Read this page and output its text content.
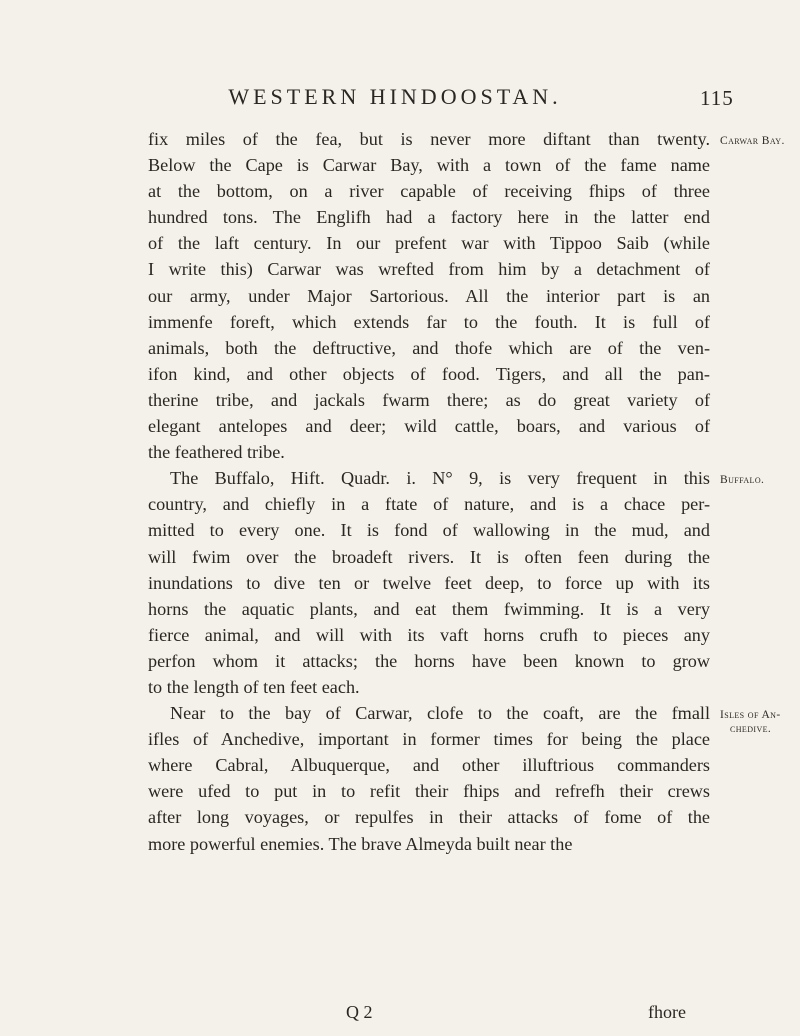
WESTERN HINDOOSTAN.	115
fix miles of the fea, but is never more diftant than twenty.
Below the Cape is Carwar Bay, with a town of the fame name
at the bottom, on a river capable of receiving fhips of three
hundred tons. The Englifh had a factory here in the latter end
of the laft century. In our prefent war with Tippoo Saib (while
I write this) Carwar was wrefted from him by a detachment of
our army, under Major Sartorious. All the interior part is an
immenfe foreft, which extends far to the fouth. It is full of
animals, both the deftructive, and thofe which are of the ven-
ifon kind, and other objects of food. Tigers, and all the pan-
therine tribe, and jackals fwarm there; as do great variety of
elegant antelopes and deer; wild cattle, boars, and various of
the feathered tribe.
The Buffalo, Hift. Quadr. i. N° 9, is very frequent in this
country, and chiefly in a ftate of nature, and is a chace per-
mitted to every one. It is fond of wallowing in the mud, and
will fwim over the broadeft rivers. It is often feen during the
inundations to dive ten or twelve feet deep, to force up with its
horns the aquatic plants, and eat them fwimming. It is a very
fierce animal, and will with its vaft horns crufh to pieces any
perfon whom it attacks; the horns have been known to grow
to the length of ten feet each.
Near to the bay of Carwar, clofe to the coaft, are the fmall
ifles of Anchedive, important in former times for being the place
where Cabral, Albuquerque, and other illuftrious commanders
were ufed to put in to refit their fhips and refrefh their crews
after long voyages, or repulfes in their attacks of fome of the
more powerful enemies. The brave Almeyda built near the
Carwar Bay.
Buffalo.
Isles of An-
chedive.
Q 2	fhore
